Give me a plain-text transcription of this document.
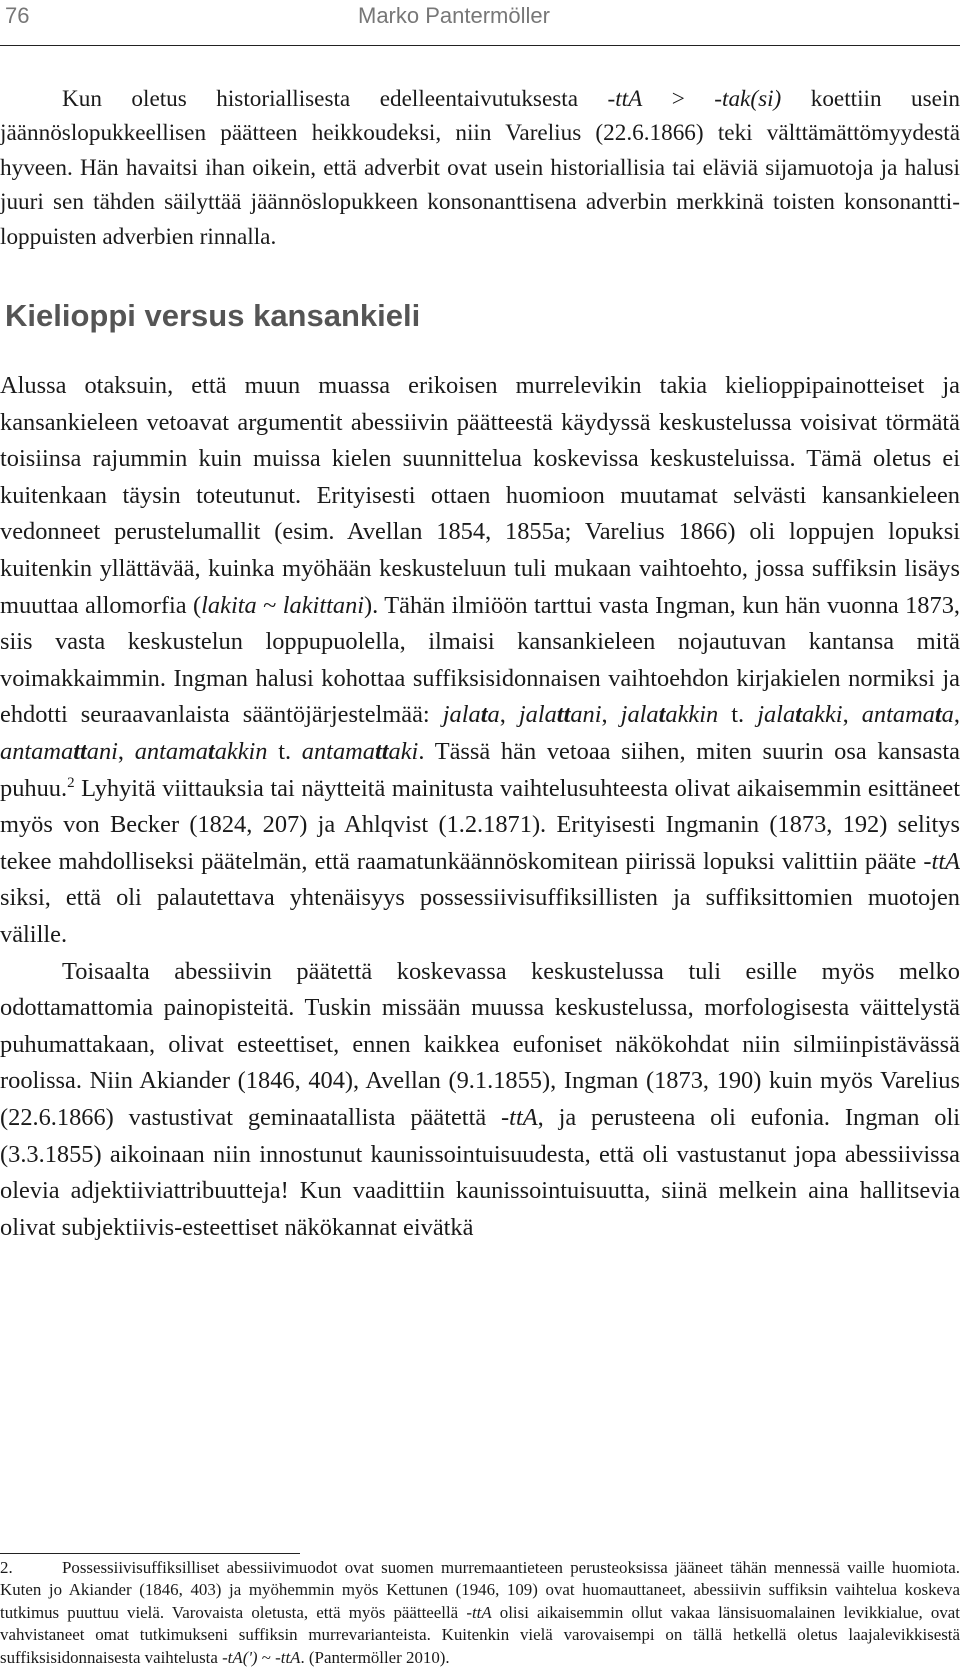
76	Marko Pantermöller

Kun oletus historiallisesta edelleentaivutuksesta -ttA > -tak(si) koettiin usein jäännöslopukkeellisen päätteen heikkoudeksi, niin Varelius (22.6.1866) teki välttämättömyydestä hyveen. Hän havaitsi ihan oikein, että adverbit ovat usein historiallisia tai eläviä sijamuotoja ja halusi juuri sen tähden säilyttää jäännöslopukkeen konsonanttisena adverbin merkkinä toisten konsonanttiloppuisten adverbien rinnalla.

Kielioppi versus kansankieli

Alussa otaksuin, että muun muassa erikoisen murrelevikin takia kielioppipainotteiset ja kansankieleen vetoavat argumentit abessiivin päätteestä käydyssä keskustelussa voisivat törmätä toisiinsa rajummin kuin muissa kielen suunnittelua koskevissa keskusteluissa. Tämä oletus ei kuitenkaan täysin toteutunut. Erityisesti ottaen huomioon muutamat selvästi kansankieleen vedonneet perustelumallit (esim. Avellan 1854, 1855a; Varelius 1866) oli loppujen lopuksi kuitenkin yllättävää, kuinka myöhään keskusteluun tuli mukaan vaihtoehto, jossa suffiksin lisäys muuttaa allomorfia (lakita ~ lakittani). Tähän ilmiöön tarttui vasta Ingman, kun hän vuonna 1873, siis vasta keskustelun loppupuolella, ilmaisi kansankieleen nojautuvan kantansa mitä voimakkaimmin. Ingman halusi kohottaa suffiksisidonnaisen vaihtoehdon kirjakielen normiksi ja ehdotti seuraavanlaista sääntöjärjestelmää: jalata, jalattani, jalatakkin t. jalatakki, antamata, antamattani, antamatakkin t. antamattaki. Tässä hän vetoaa siihen, miten suurin osa kansasta puhuu.$^2$ Lyhyitä viittauksia tai näytteitä mainitusta vaihtelusuhteesta olivat aikaisemmin esittäneet myös von Becker (1824, 207) ja Ahlqvist (1.2.1871). Erityisesti Ingmanin (1873, 192) selitys tekee mahdolliseksi päätelmän, että raamatunkäännöskomitean piirissä lopuksi valittiin pääte -ttA siksi, että oli palautettava yhtenäisyys possessiivisuffiksillisten ja suffiksittomien muotojen välille.

Toisaalta abessiivin päätettä koskevassa keskustelussa tuli esille myös melko odottamattomia painopisteitä. Tuskin missään muussa keskustelussa, morfologisesta väittelystä puhumattakaan, olivat esteettiset, ennen kaikkea eufoniset näkökohdat niin silmiinpistävässä roolissa. Niin Akiander (1846, 404), Avellan (9.1.1855), Ingman (1873, 190) kuin myös Varelius (22.6.1866) vastustivat geminaatallista päätettä -ttA, ja perusteena oli eufonia. Ingman oli (3.3.1855) aikoinaan niin innostunut kaunissointuisuudesta, että oli vastustanut jopa abessiivissa olevia adjektiiviattribuutteja! Kun vaadittiin kaunissointuisuutta, siinä melkein aina hallitsevia olivat subjektiivis-esteettiset näkökannat eivätkä

2.	Possessiivisuffiksilliset abessiivimuodot ovat suomen murremaantieteen perusteoksissa jääneet tähän mennessä vaille huomiota. Kuten jo Akiander (1846, 403) ja myöhemmin myös Kettunen (1946, 109) ovat huomauttaneet, abessiivin suffiksin vaihtelua koskeva tutkimus puuttuu vielä. Varovaista oletusta, että myös päätteellä -ttA olisi aikaisemmin ollut vakaa länsisuomalainen levikkialue, ovat vahvistaneet omat tutkimukseni suffiksin murrevarianteista. Kuitenkin vielä varovaisempi on tällä hetkellä oletus laajalevikkisestä suffiksisidonnaisesta vaihtelusta -tA(') ~ -ttA. (Pantermöller 2010).
